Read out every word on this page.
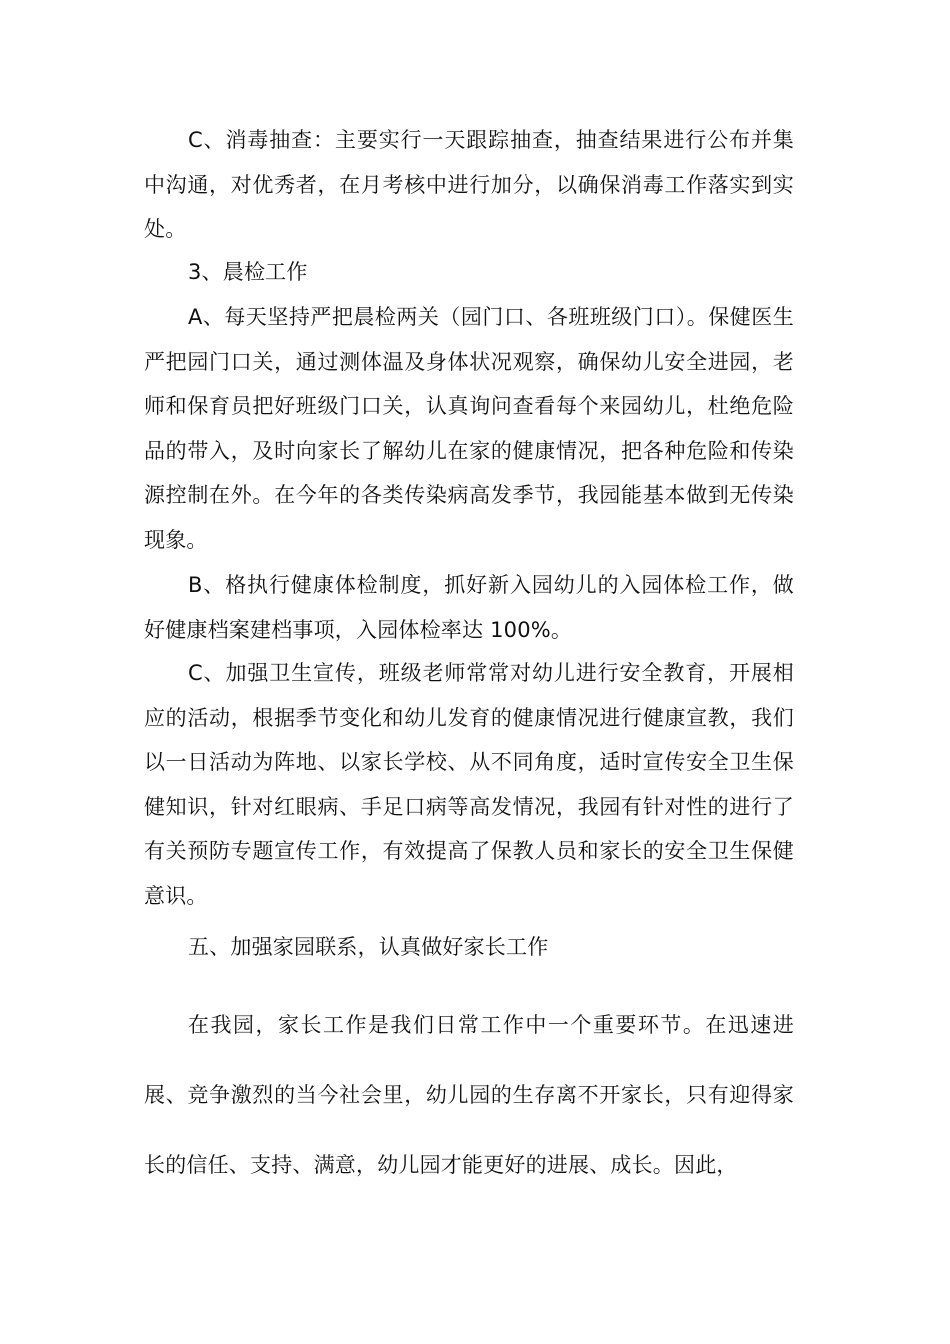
C、消毒抽查：主要实行一天跟踪抽查，抽查结果进行公布并集中沟通，对优秀者，在月考核中进行加分，以确保消毒工作落实到实处。

3、晨检工作

A、每天坚持严把晨检两关（园门口、各班班级门口）。保健医生严把园门口关，通过测体温及身体状况观察，确保幼儿安全进园，老师和保育员把好班级门口关，认真询问查看每个来园幼儿，杜绝危险品的带入，及时向家长了解幼儿在家的健康情况，把各种危险和传染源控制在外。在今年的各类传染病高发季节，我园能基本做到无传染现象。

B、格执行健康体检制度，抓好新入园幼儿的入园体检工作，做好健康档案建档事项，入园体检率达 100%。

C、加强卫生宣传，班级老师常常对幼儿进行安全教育，开展相应的活动，根据季节变化和幼儿发育的健康情况进行健康宣教，我们以一日活动为阵地、以家长学校、从不同角度，适时宣传安全卫生保健知识，针对红眼病、手足口病等高发情况，我园有针对性的进行了有关预防专题宣传工作，有效提高了保教人员和家长的安全卫生保健意识。

五、加强家园联系，认真做好家长工作

在我园，家长工作是我们日常工作中一个重要环节。在迅速进展、竞争激烈的当今社会里，幼儿园的生存离不开家长，只有迎得家长的信任、支持、满意，幼儿园才能更好的进展、成长。因此，
